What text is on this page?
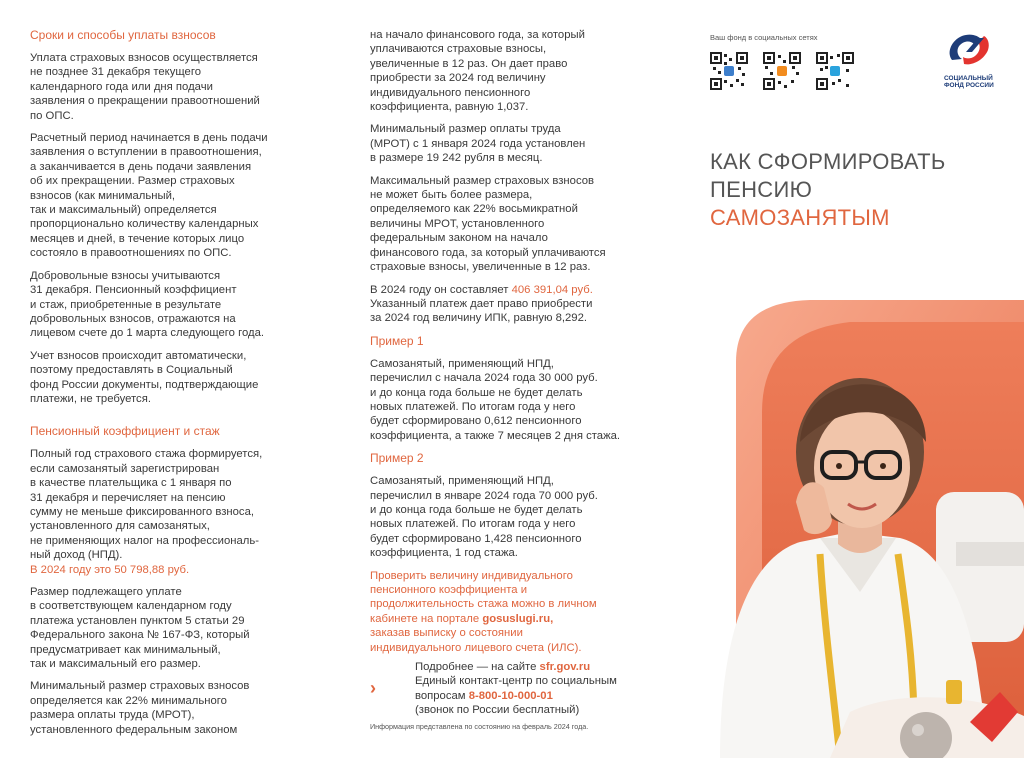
Сроки и способы уплаты взносов
Уплата страховых взносов осуществляется
не позднее 31 декабря текущего
календарного года или дня подачи
заявления о прекращении правоотношений
по ОПС.
Расчетный период начинается в день подачи
заявления о вступлении в правоотношения,
а заканчивается в день подачи заявления
об их прекращении. Размер страховых
взносов (как минимальный,
так и максимальный) определяется
пропорционально количеству календарных
месяцев и дней, в течение которых лицо
состояло в правоотношениях по ОПС.
Добровольные взносы учитываются
31 декабря. Пенсионный коэффициент
и стаж, приобретенные в результате
добровольных взносов, отражаются на
лицевом счете до 1 марта следующего года.
Учет взносов происходит автоматически,
поэтому предоставлять в Социальный
фонд России документы, подтверждающие
платежи, не требуется.
Пенсионный коэффициент и стаж
Полный год страхового стажа формируется,
если самозанятый зарегистрирован
в качестве плательщика с 1 января по
31 декабря и перечисляет на пенсию
сумму не меньше фиксированного взноса,
установленного для самозанятых,
не применяющих налог на профессиональ-
ный доход (НПД).
В 2024 году это 50 798,88 руб.
Размер подлежащего уплате
в соответствующем календарном году
платежа установлен пунктом 5 статьи 29
Федерального закона № 167-ФЗ, который
предусматривает как минимальный,
так и максимальный его размер.
Минимальный размер страховых взносов
определяется как 22% минимального
размера оплаты труда (МРОТ),
установленного федеральным законом
на начало финансового года, за который
уплачиваются страховые взносы,
увеличенные в 12 раз. Он дает право
приобрести за 2024 год величину
индивидуального пенсионного
коэффициента, равную 1,037.
Минимальный размер оплаты труда
(МРОТ) с 1 января 2024 года установлен
в размере 19 242 рубля в месяц.
Максимальный размер страховых взносов
не может быть более размера,
определяемого как 22% восьмикратной
величины МРОТ, установленного
федеральным законом на начало
финансового года, за который уплачиваются
страховые взносы, увеличенные в 12 раз.
В 2024 году он составляет 406 391,04 руб.
Указанный платеж дает право приобрести
за 2024 год величину ИПК, равную 8,292.
Пример 1
Самозанятый, применяющий НПД,
перечислил с начала 2024 года 30 000 руб.
и до конца года больше не будет делать
новых платежей. По итогам года у него
будет сформировано 0,612 пенсионного
коэффициента, а также 7 месяцев 2 дня стажа.
Пример 2
Самозанятый, применяющий НПД,
перечислил в январе 2024 года 70 000 руб.
и до конца года больше не будет делать
новых платежей. По итогам года у него
будет сформировано 1,428 пенсионного
коэффициента, 1 год стажа.
Проверить величину индивидуального
пенсионного коэффициента и
продолжительность стажа можно в личном
кабинете на портале gosuslugi.ru,
заказав выписку о состоянии
индивидуального лицевого счета (ИЛС).
›
Подробнее — на сайте sfr.gov.ru
Единый контакт-центр по социальным
вопросам 8-800-10-000-01
(звонок по России бесплатный)
Информация представлена по состоянию на февраль 2024 года.
Ваш фонд в социальных сетях
СОЦИАЛЬНЫЙ
ФОНД РОССИИ
КАК СФОРМИРОВАТЬ
ПЕНСИЮ
САМОЗАНЯТЫМ
